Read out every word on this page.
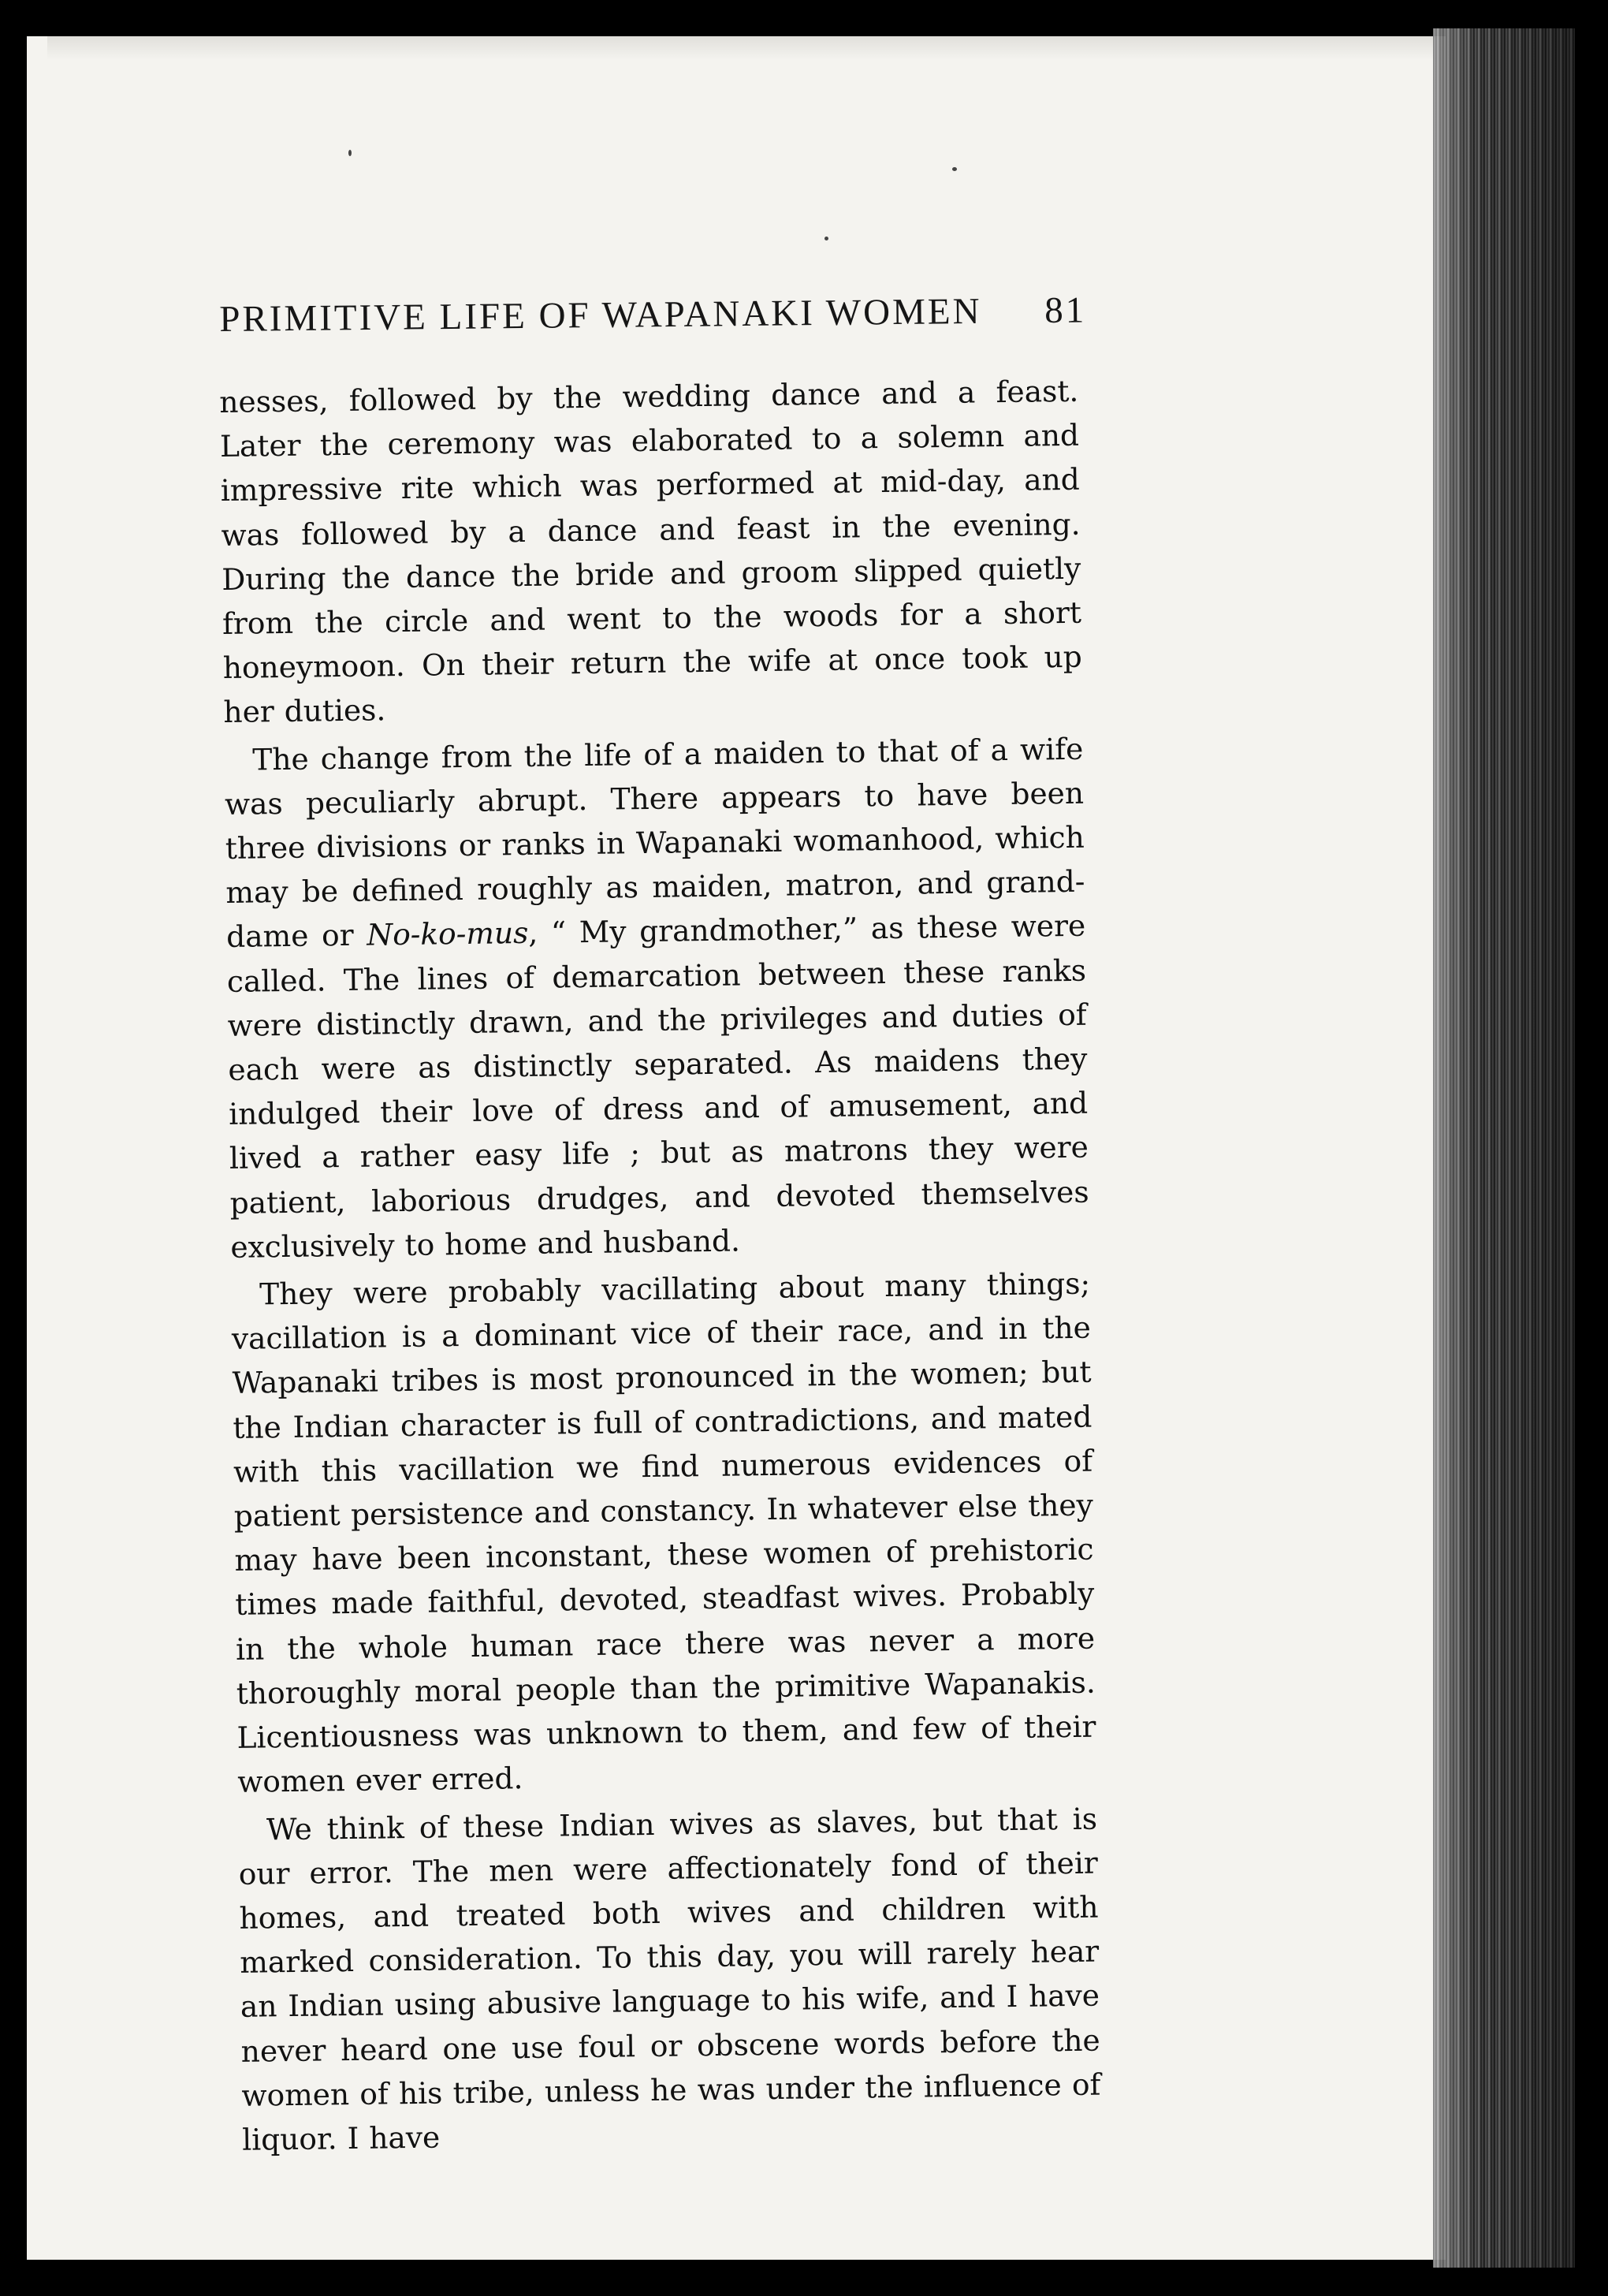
PRIMITIVE LIFE OF WAPANAKI WOMEN 81

nesses, followed by the wedding dance and a feast. Later the ceremony was elaborated to a solemn and impressive rite which was performed at mid-day, and was followed by a dance and feast in the evening. During the dance the bride and groom slipped quietly from the circle and went to the woods for a short honeymoon. On their return the wife at once took up her duties.

The change from the life of a maiden to that of a wife was peculiarly abrupt. There appears to have been three divisions or ranks in Wapanaki womanhood, which may be defined roughly as maiden, matron, and grand-dame or No-ko-mus, “ My grandmother,” as these were called. The lines of demarcation between these ranks were distinctly drawn, and the privileges and duties of each were as distinctly separated. As maidens they indulged their love of dress and of amusement, and lived a rather easy life ; but as matrons they were patient, laborious drudges, and devoted themselves exclusively to home and husband.

They were probably vacillating about many things; vacillation is a dominant vice of their race, and in the Wapanaki tribes is most pronounced in the women; but the Indian character is full of contradictions, and mated with this vacillation we find numerous evidences of patient persistence and constancy. In whatever else they may have been inconstant, these women of prehistoric times made faithful, devoted, steadfast wives. Probably in the whole human race there was never a more thoroughly moral people than the primitive Wapanakis. Licentiousness was unknown to them, and few of their women ever erred.

We think of these Indian wives as slaves, but that is our error. The men were affectionately fond of their homes, and treated both wives and children with marked consideration. To this day, you will rarely hear an Indian using abusive language to his wife, and I have never heard one use foul or obscene words before the women of his tribe, unless he was under the influence of liquor. I have
